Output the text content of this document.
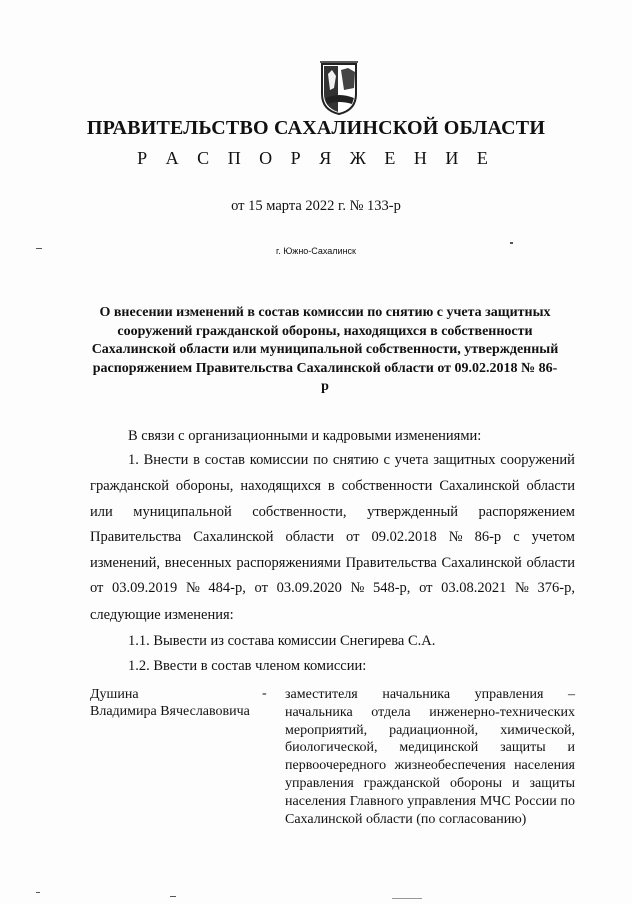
ПРАВИТЕЛЬСТВО САХАЛИНСКОЙ ОБЛАСТИ
Р А С П О Р Я Ж Е Н И Е
от 15 марта 2022 г. № 133-р
г. Южно-Сахалинск
О внесении изменений в состав комиссии по снятию с учета защитных сооружений гражданской обороны, находящихся в собственности Сахалинской области или муниципальной собственности, утвержденный распоряжением Правительства Сахалинской области от 09.02.2018 № 86-р
В связи с организационными и кадровыми изменениями:
1. Внести в состав комиссии по снятию с учета защитных сооружений
гражданской обороны, находящихся в собственности Сахалинской области
или муниципальной собственности, утвержденный распоряжением
Правительства Сахалинской области от 09.02.2018 № 86-р с учетом
изменений, внесенных распоряжениями Правительства Сахалинской области
от 03.09.2019 № 484-р, от 03.09.2020 № 548-р, от 03.08.2021 № 376-р,
следующие изменения:
1.1. Вывести из состава комиссии Снегирева С.А.
1.2. Ввести в состав членом комиссии:
Душина
Владимира Вячеславовича
- заместителя начальника управления – начальника отдела инженерно-технических мероприятий, радиационной, химической, биологической, медицинской защиты и первоочередного жизнеобеспечения населения управления гражданской обороны и защиты населения Главного управления МЧС России по Сахалинской области (по согласованию)
